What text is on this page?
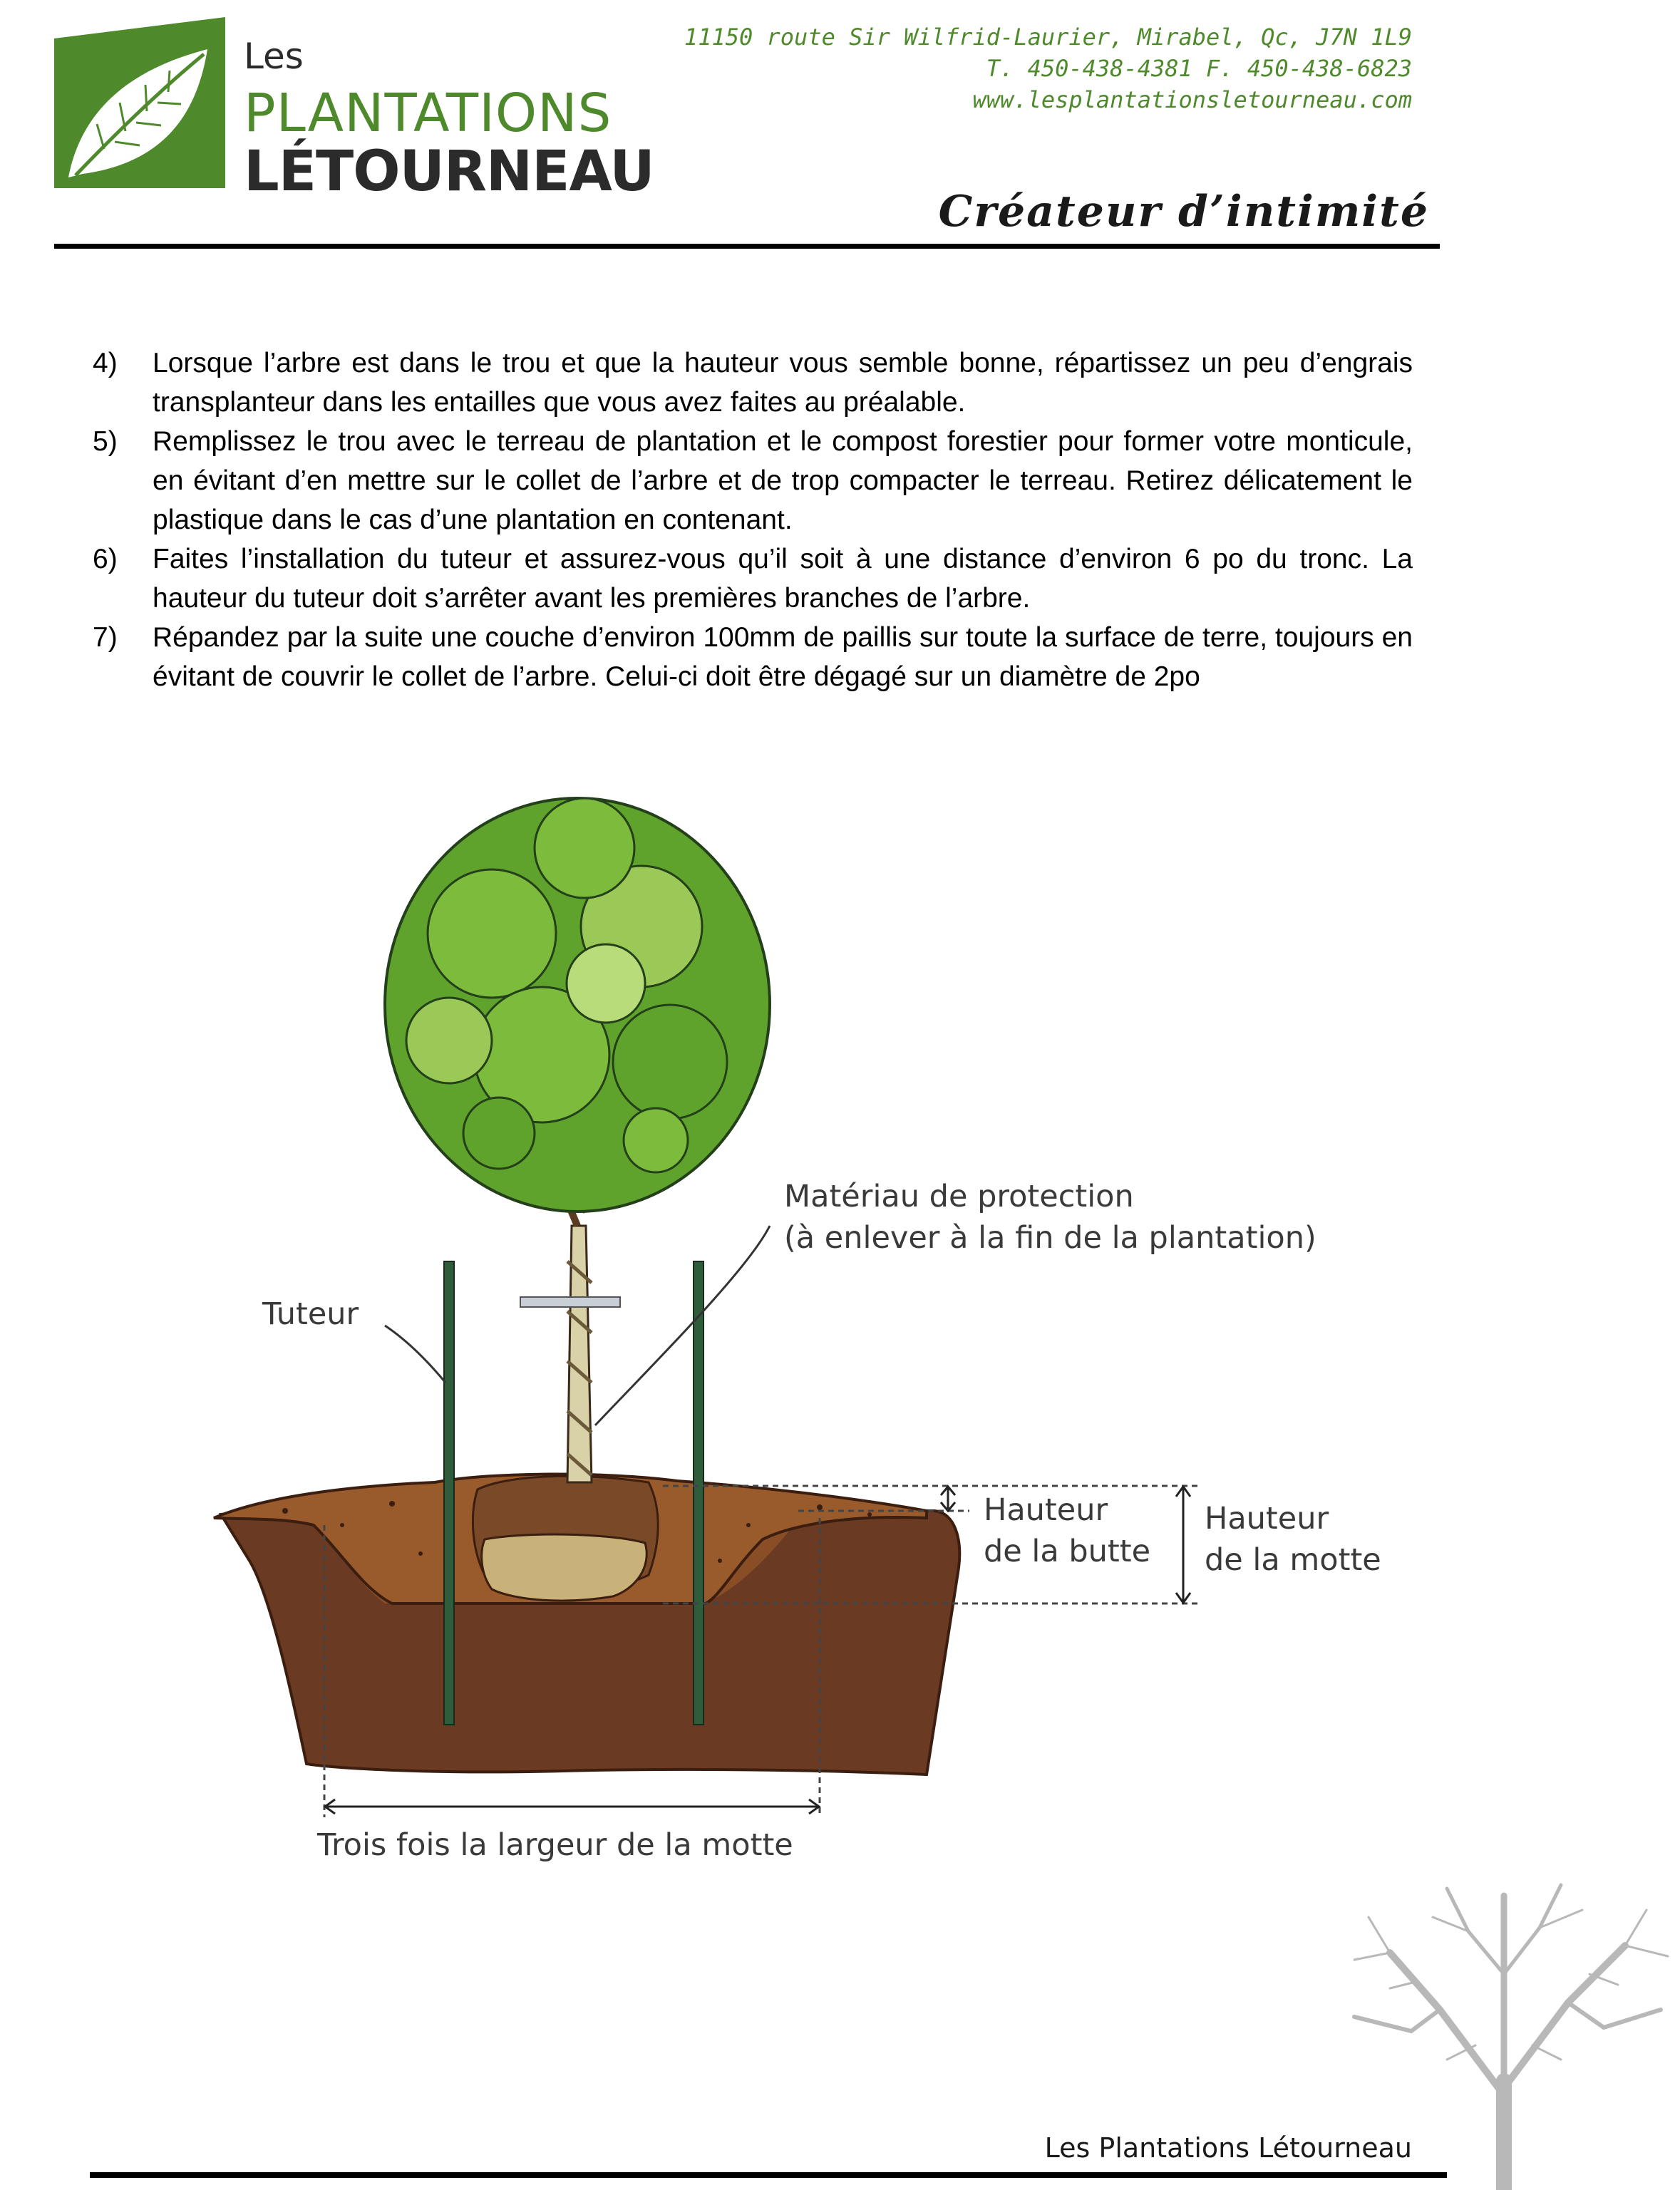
Les
PLANTATIONS
LÉTOURNEAU
11150 route Sir Wilfrid-Laurier, Mirabel, Qc, J7N 1L9
T. 450-438-4381 F. 450-438-6823
www.lesplantationsletourneau.com
Créateur d’intimité
4) Lorsque l’arbre est dans le trou et que la hauteur vous semble bonne, répartissez un peu d’engrais transplanteur dans les entailles que vous avez faites au préalable.
5) Remplissez le trou avec le terreau de plantation et le compost forestier pour former votre monticule, en évitant d’en mettre sur le collet de l’arbre et de trop compacter le terreau. Retirez délicatement le plastique dans le cas d’une plantation en contenant.
6) Faites l’installation du tuteur et assurez-vous qu’il soit à une distance d’environ 6 po du tronc. La hauteur du tuteur doit s’arrêter avant les premières branches de l’arbre.
7) Répandez par la suite une couche d’environ 100mm de paillis sur toute la surface de terre, toujours en évitant de couvrir le collet de l’arbre. Celui-ci doit être dégagé sur un diamètre de 2po
Matériau de protection
(à enlever à la fin de la plantation)
Tuteur
Hauteur
de la butte
Hauteur
de la motte
Trois fois la largeur de la motte
Les Plantations Létourneau
